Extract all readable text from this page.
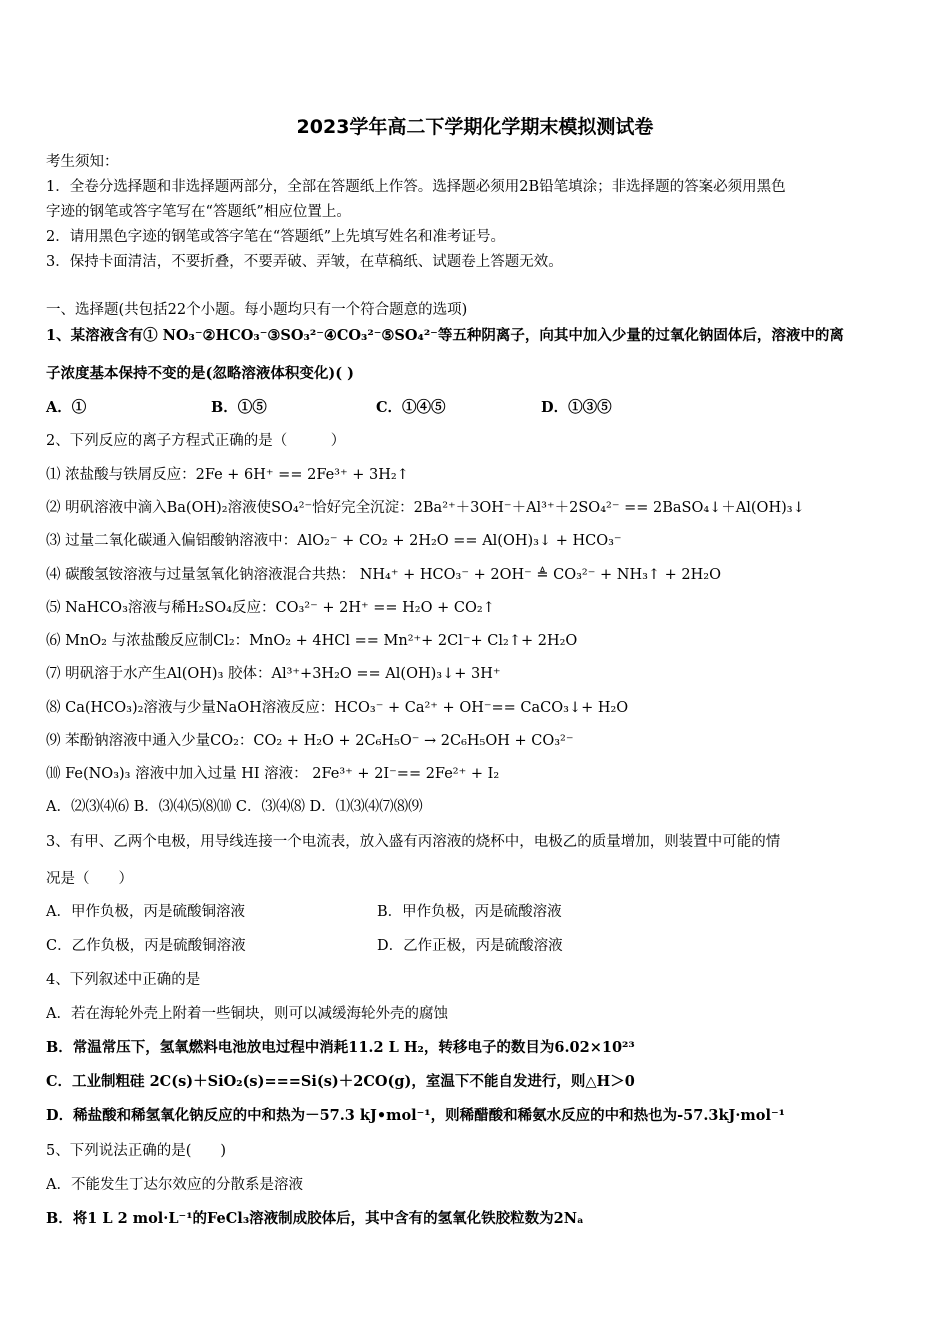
2023学年高二下学期化学期末模拟测试卷
考生须知：
1．全卷分选择题和非选择题两部分，全部在答题纸上作答。选择题必须用2B铅笔填涂；非选择题的答案必须用黑色
字迹的钢笔或答字笔写在“答题纸”相应位置上。
2．请用黑色字迹的钢笔或答字笔在“答题纸”上先填写姓名和准考证号。
3．保持卡面清洁，不要折叠，不要弄破、弄皱，在草稿纸、试题卷上答题无效。
一、选择题(共包括22个小题。每小题均只有一个符合题意的选项)
1、某溶液含有① NO₃⁻②HCO₃⁻③SO₃²⁻④CO₃²⁻⑤SO₄²⁻等五种阴离子，向其中加入少量的过氧化钠固体后，溶液中的离
子浓度基本保持不变的是(忽略溶液体积变化)( )
A．①	B．①⑤	C．①④⑤	D．①③⑤
2、下列反应的离子方程式正确的是（　　　）
⑴ 浓盐酸与铁屑反应：2Fe + 6H⁺ == 2Fe³⁺ + 3H₂↑
⑵ 明矾溶液中滴入Ba(OH)₂溶液使SO₄²⁻恰好完全沉淀：2Ba²⁺＋3OH⁻＋Al³⁺＋2SO₄²⁻ == 2BaSO₄↓＋Al(OH)₃↓
⑶ 过量二氧化碳通入偏铝酸钠溶液中：AlO₂⁻ + CO₂ + 2H₂O == Al(OH)₃↓ + HCO₃⁻
⑷ 碳酸氢铵溶液与过量氢氧化钠溶液混合共热： NH₄⁺ + HCO₃⁻ + 2OH⁻ ≜ CO₃²⁻ + NH₃↑ + 2H₂O
⑸ NaHCO₃溶液与稀H₂SO₄反应：CO₃²⁻ + 2H⁺ == H₂O + CO₂↑
⑹ MnO₂ 与浓盐酸反应制Cl₂：MnO₂ + 4HCl == Mn²⁺+ 2Cl⁻+ Cl₂↑+ 2H₂O
⑺ 明矾溶于水产生Al(OH)₃ 胶体：Al³⁺+3H₂O == Al(OH)₃↓+ 3H⁺
⑻ Ca(HCO₃)₂溶液与少量NaOH溶液反应：HCO₃⁻ + Ca²⁺ + OH⁻== CaCO₃↓+ H₂O
⑼ 苯酚钠溶液中通入少量CO₂：CO₂ + H₂O + 2C₆H₅O⁻ → 2C₆H₅OH + CO₃²⁻
⑽ Fe(NO₃)₃ 溶液中加入过量 HI 溶液： 2Fe³⁺ + 2I⁻== 2Fe²⁺ + I₂
A．⑵⑶⑷⑹ B．⑶⑷⑸⑻⑽ C．⑶⑷⑻ D．⑴⑶⑷⑺⑻⑼
3、有甲、乙两个电极，用导线连接一个电流表，放入盛有丙溶液的烧杯中，电极乙的质量增加，则装置中可能的情
况是（　　）
A．甲作负极，丙是硫酸铜溶液	B．甲作负极，丙是硫酸溶液
C．乙作负极，丙是硫酸铜溶液	D．乙作正极，丙是硫酸溶液
4、下列叙述中正确的是
A．若在海轮外壳上附着一些铜块，则可以减缓海轮外壳的腐蚀
B．常温常压下，氢氧燃料电池放电过程中消耗11.2 L H₂，转移电子的数目为6.02×10²³
C．工业制粗硅 2C(s)＋SiO₂(s)===Si(s)＋2CO(g)，室温下不能自发进行，则△H＞0
D．稀盐酸和稀氢氧化钠反应的中和热为－57.3 kJ•mol⁻¹，则稀醋酸和稀氨水反应的中和热也为-57.3kJ·mol⁻¹
5、下列说法正确的是(　　)
A．不能发生丁达尔效应的分散系是溶液
B．将1 L 2 mol·L⁻¹的FeCl₃溶液制成胶体后，其中含有的氢氧化铁胶粒数为2Nₐ
